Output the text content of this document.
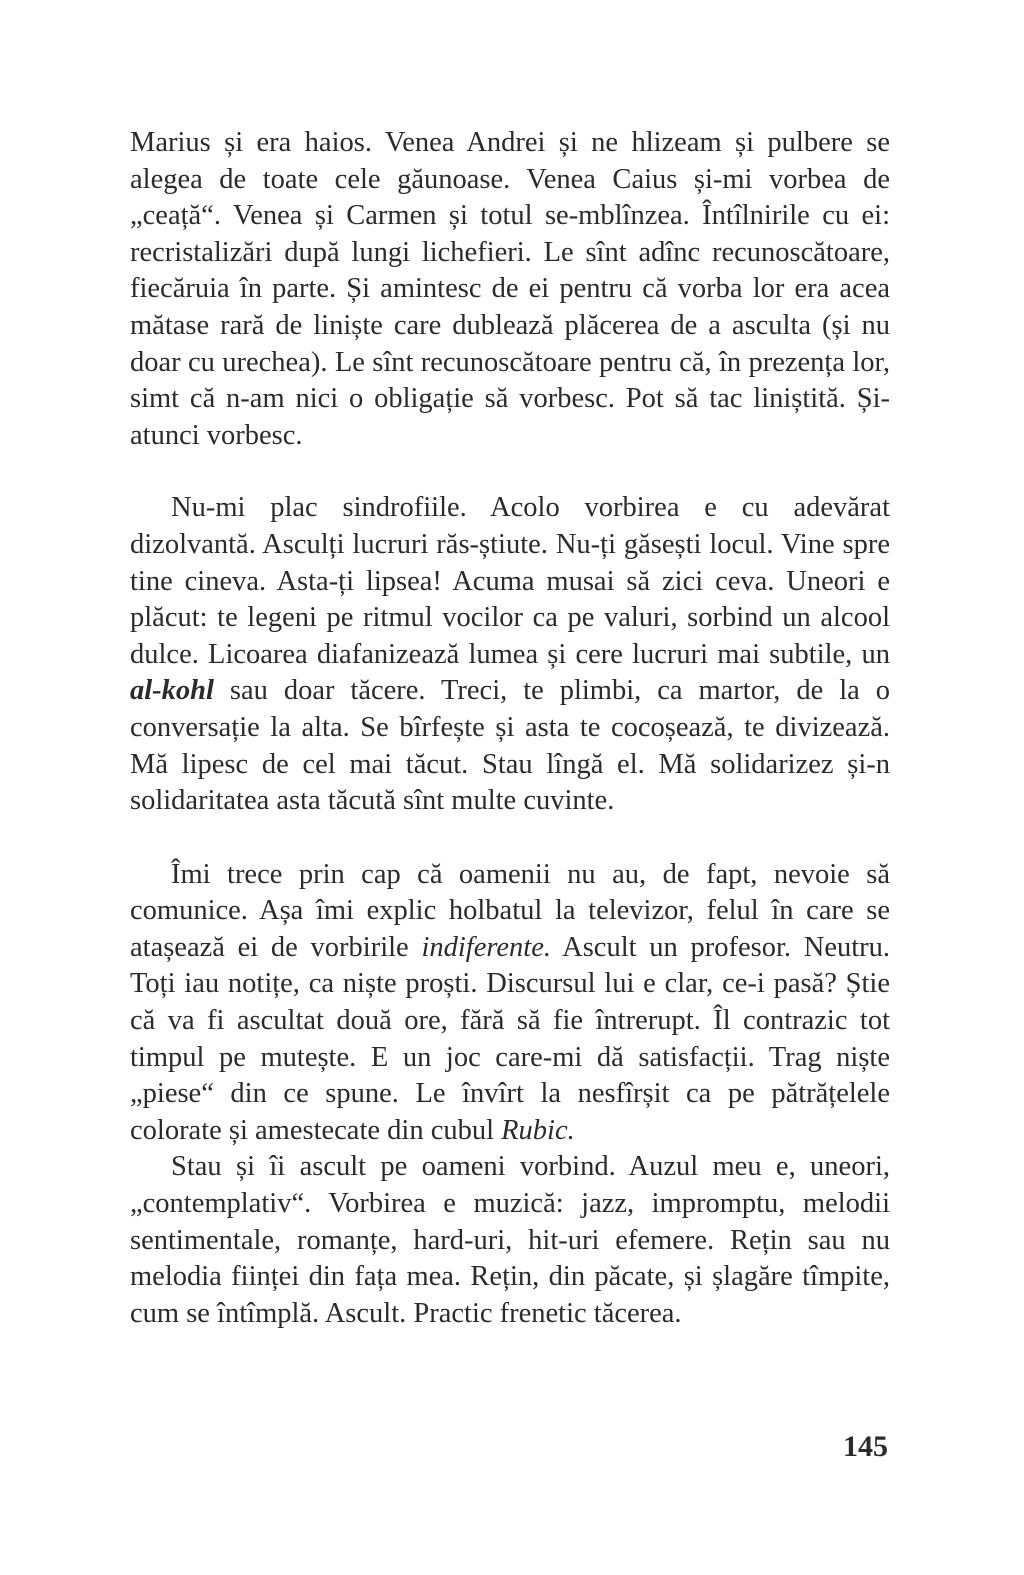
Marius și era haios. Venea Andrei și ne hlizeam și pulbere se alegea de toate cele găunoase. Venea Caius și-mi vorbea de „ceață“. Venea și Carmen și totul se-mblînzea. Întîlnirile cu ei: recristalizări după lungi lichefieri. Le sînt adînc recunoscătoare, fiecăruia în parte. Și amintesc de ei pentru că vorba lor era acea mătase rară de liniște care dublează plăcerea de a asculta (și nu doar cu urechea). Le sînt recunoscătoare pentru că, în prezența lor, simt că n-am nici o obligație să vorbesc. Pot să tac liniștită. Și-atunci vorbesc.

Nu-mi plac sindrofiile. Acolo vorbirea e cu adevărat dizolvantă. Asculți lucruri răs-știute. Nu-ți găsești locul. Vine spre tine cineva. Asta-ți lipsea! Acuma musai să zici ceva. Uneori e plăcut: te legeni pe ritmul vocilor ca pe valuri, sorbind un alcool dulce. Licoarea diafanizează lumea și cere lucruri mai subtile, un al-kohl sau doar tăcere. Treci, te plimbi, ca martor, de la o conversație la alta. Se bîrfește și asta te cocoșează, te divizează. Mă lipesc de cel mai tăcut. Stau lîngă el. Mă solidarizez și-n solidaritatea asta tăcută sînt multe cuvinte.

Îmi trece prin cap că oamenii nu au, de fapt, nevoie să comunice. Așa îmi explic holbatul la televizor, felul în care se atașează ei de vorbirile indiferente. Ascult un profesor. Neutru. Toți iau notițe, ca niște proști. Discursul lui e clar, ce-i pasă? Știe că va fi ascultat două ore, fără să fie întrerupt. Îl contrazic tot timpul pe mutește. E un joc care-mi dă satisfacții. Trag niște „piese“ din ce spune. Le învîrt la nesfîrșit ca pe pătrățelele colorate și amestecate din cubul Rubic.

Stau și îi ascult pe oameni vorbind. Auzul meu e, uneori, „contemplativ“. Vorbirea e muzică: jazz, impromptu, melodii sentimentale, romanțe, hard-uri, hit-uri efemere. Rețin sau nu melodia ființei din fața mea. Rețin, din păcate, și șlagăre tîmpite, cum se întîmplă. Ascult. Practic frenetic tăcerea.

145
